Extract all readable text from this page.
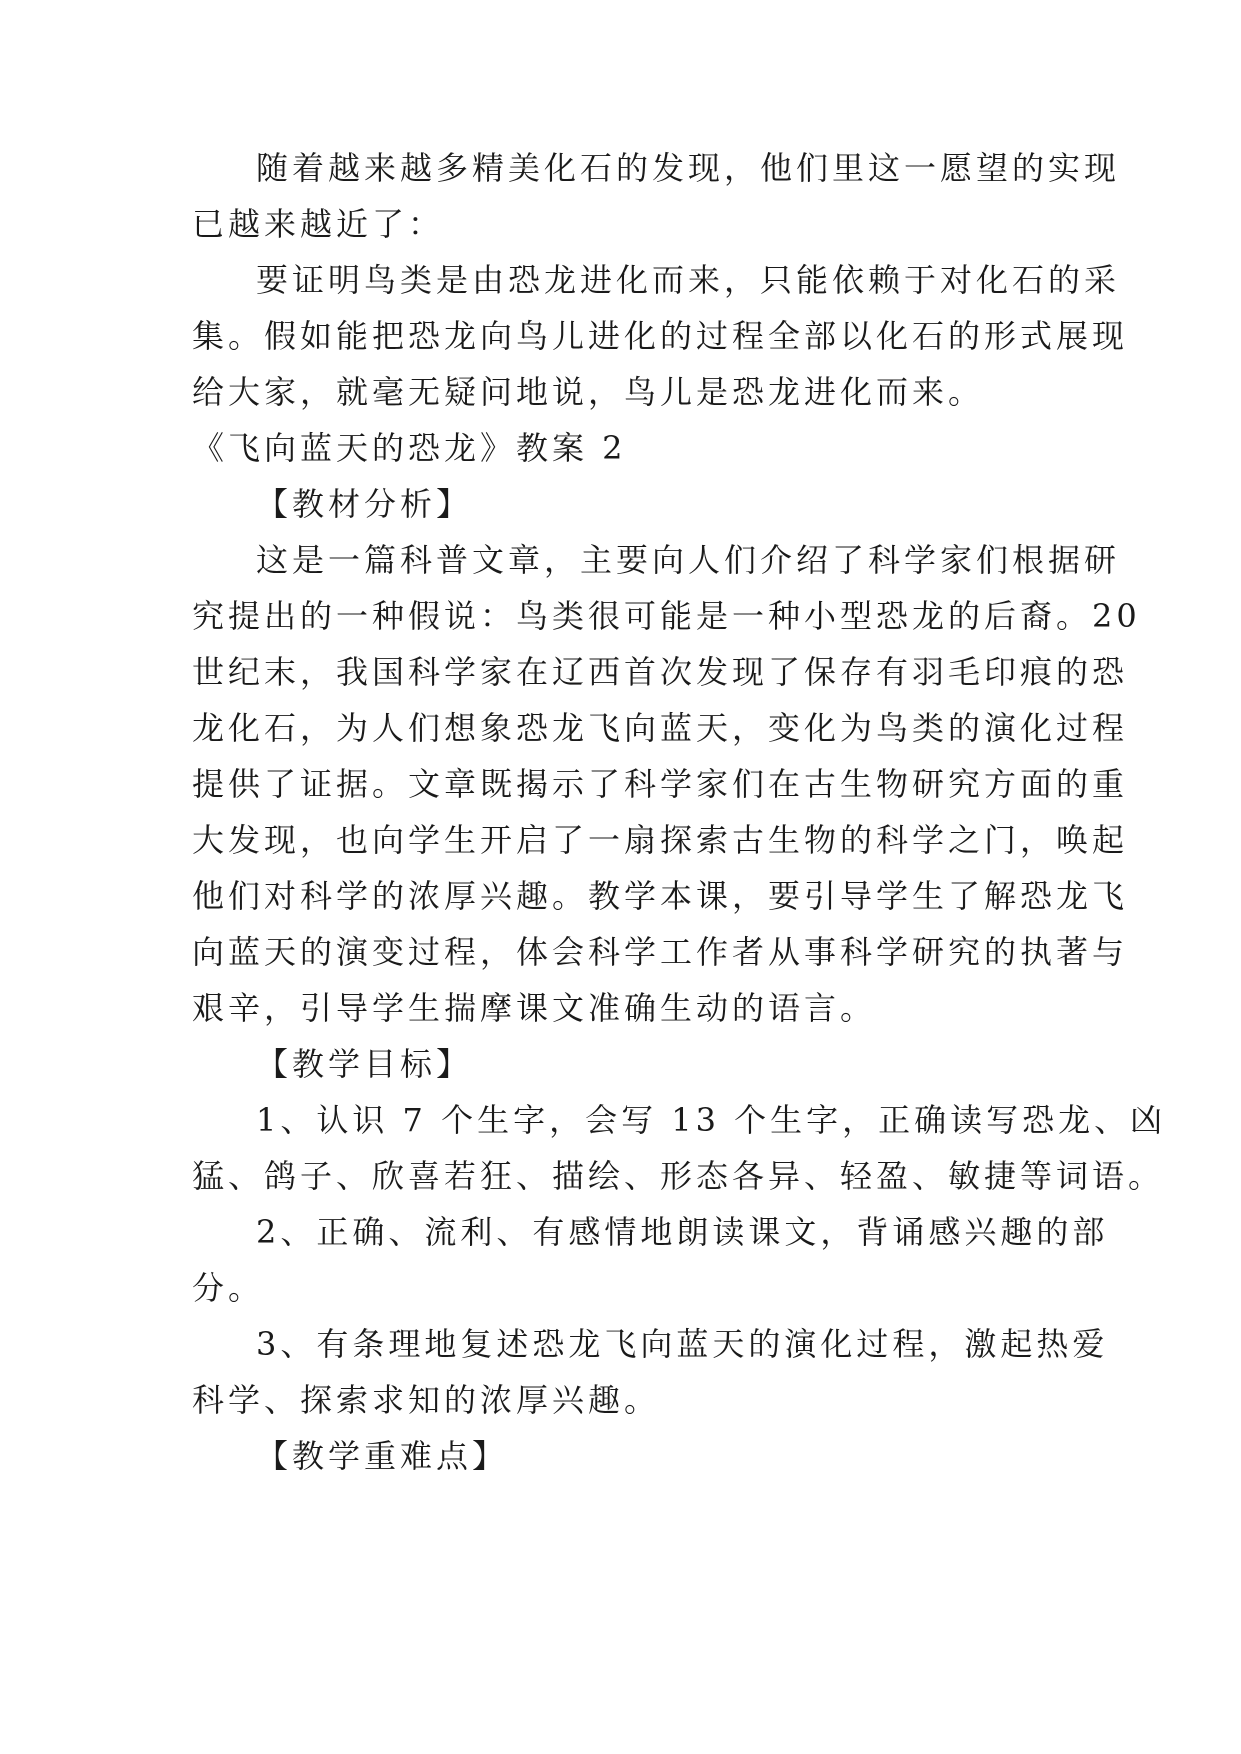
随着越来越多精美化石的发现，他们里这一愿望的实现
已越来越近了：
要证明鸟类是由恐龙进化而来，只能依赖于对化石的采
集。假如能把恐龙向鸟儿进化的过程全部以化石的形式展现
给大家，就毫无疑问地说，鸟儿是恐龙进化而来。
《飞向蓝天的恐龙》教案 2
【教材分析】
这是一篇科普文章，主要向人们介绍了科学家们根据研
究提出的一种假说：鸟类很可能是一种小型恐龙的后裔。20
世纪末，我国科学家在辽西首次发现了保存有羽毛印痕的恐
龙化石，为人们想象恐龙飞向蓝天，变化为鸟类的演化过程
提供了证据。文章既揭示了科学家们在古生物研究方面的重
大发现，也向学生开启了一扇探索古生物的科学之门，唤起
他们对科学的浓厚兴趣。教学本课，要引导学生了解恐龙飞
向蓝天的演变过程，体会科学工作者从事科学研究的执著与
艰辛，引导学生揣摩课文准确生动的语言。
【教学目标】
1、认识 7 个生字，会写 13 个生字，正确读写恐龙、凶
猛、鸽子、欣喜若狂、描绘、形态各异、轻盈、敏捷等词语。
2、正确、流利、有感情地朗读课文，背诵感兴趣的部
分。
3、有条理地复述恐龙飞向蓝天的演化过程，激起热爱
科学、探索求知的浓厚兴趣。
【教学重难点】
